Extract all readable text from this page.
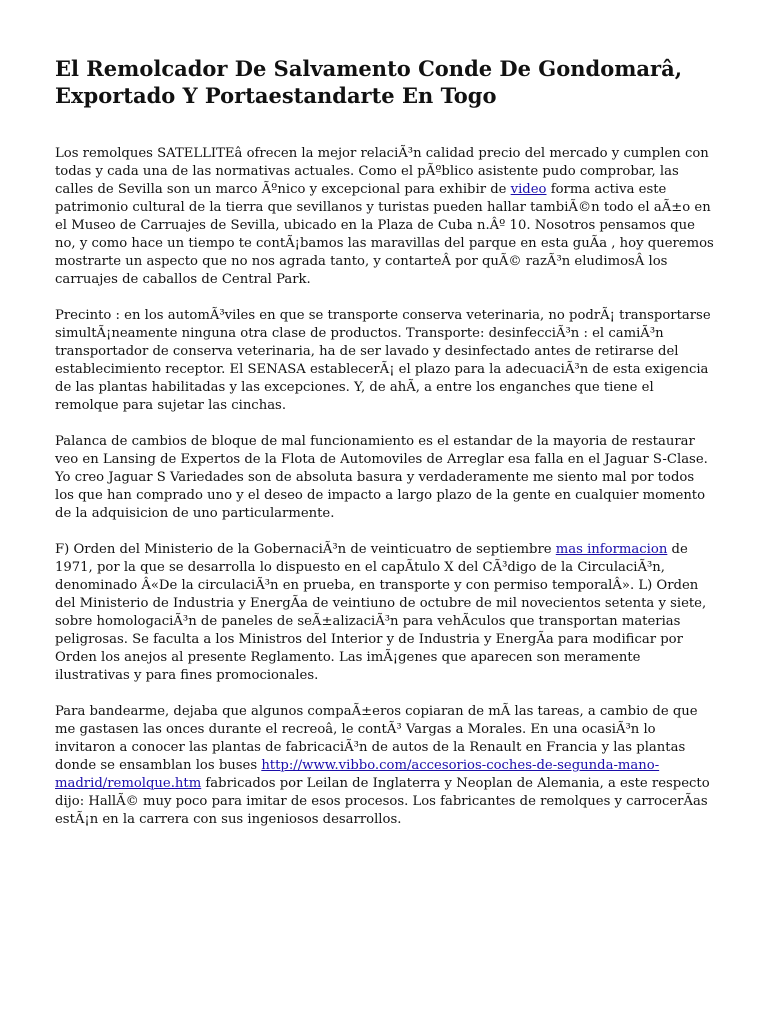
El Remolcador De Salvamento Conde De Gondomarâ, Exportado Y Portaestandarte En Togo

Los remolques SATELLITEâ ofrecen la mejor relaciÃ³n calidad precio del mercado y cumplen con todas y cada una de las normativas actuales. Como el pÃºblico asistente pudo comprobar, las calles de Sevilla son un marco Ãºnico y excepcional para exhibir de video forma activa este patrimonio cultural de la tierra que sevillanos y turistas pueden hallar tambiÃ©n todo el aÃ±o en el Museo de Carruajes de Sevilla, ubicado en la Plaza de Cuba n.Âº 10. Nosotros pensamos que no, y como hace un tiempo te contÃ¡bamos las maravillas del parque en esta guÃa , hoy queremos mostrarte un aspecto que no nos agrada tanto, y contarteÂ por quÃ© razÃ³n eludimosÂ los carruajes de caballos de Central Park.

Precinto : en los automÃ³viles en que se transporte conserva veterinaria, no podrÃ¡ transportarse simultÃ¡neamente ninguna otra clase de productos. Transporte: desinfecciÃ³n : el camiÃ³n transportador de conserva veterinaria, ha de ser lavado y desinfectado antes de retirarse del establecimiento receptor. El SENASA establecerÃ¡ el plazo para la adecuaciÃ³n de esta exigencia de las plantas habilitadas y las excepciones. Y, de ahÃ, a entre los enganches que tiene el remolque para sujetar las cinchas.

Palanca de cambios de bloque de mal funcionamiento es el estandar de la mayoria de restaurar veo en Lansing de Expertos de la Flota de Automoviles de Arreglar esa falla en el Jaguar S-Clase. Yo creo Jaguar S Variedades son de absoluta basura y verdaderamente me siento mal por todos los que han comprado uno y el deseo de impacto a largo plazo de la gente en cualquier momento de la adquisicion de uno particularmente.

F) Orden del Ministerio de la GobernaciÃ³n de veinticuatro de septiembre mas informacion de 1971, por la que se desarrolla lo dispuesto en el capÃtulo X del CÃ³digo de la CirculaciÃ³n, denominado Â«De la circulaciÃ³n en prueba, en transporte y con permiso temporalÂ». L) Orden del Ministerio de Industria y EnergÃa de veintiuno de octubre de mil novecientos setenta y siete, sobre homologaciÃ³n de paneles de seÃ±alizaciÃ³n para vehÃculos que transportan materias peligrosas. Se faculta a los Ministros del Interior y de Industria y EnergÃa para modificar por Orden los anejos al presente Reglamento. Las imÃ¡genes que aparecen son meramente ilustrativas y para fines promocionales.

Para bandearme, dejaba que algunos compaÃ±eros copiaran de mÃ las tareas, a cambio de que me gastasen las onces durante el recreoâ, le contÃ³ Vargas a Morales. En una ocasiÃ³n lo invitaron a conocer las plantas de fabricaciÃ³n de autos de la Renault en Francia y las plantas donde se ensamblan los buses http://www.vibbo.com/accesorios-coches-de-segunda-mano-madrid/remolque.htm fabricados por Leilan de Inglaterra y Neoplan de Alemania, a este respecto dijo: HallÃ© muy poco para imitar de esos procesos. Los fabricantes de remolques y carrocerÃas estÃ¡n en la carrera con sus ingeniosos desarrollos.
